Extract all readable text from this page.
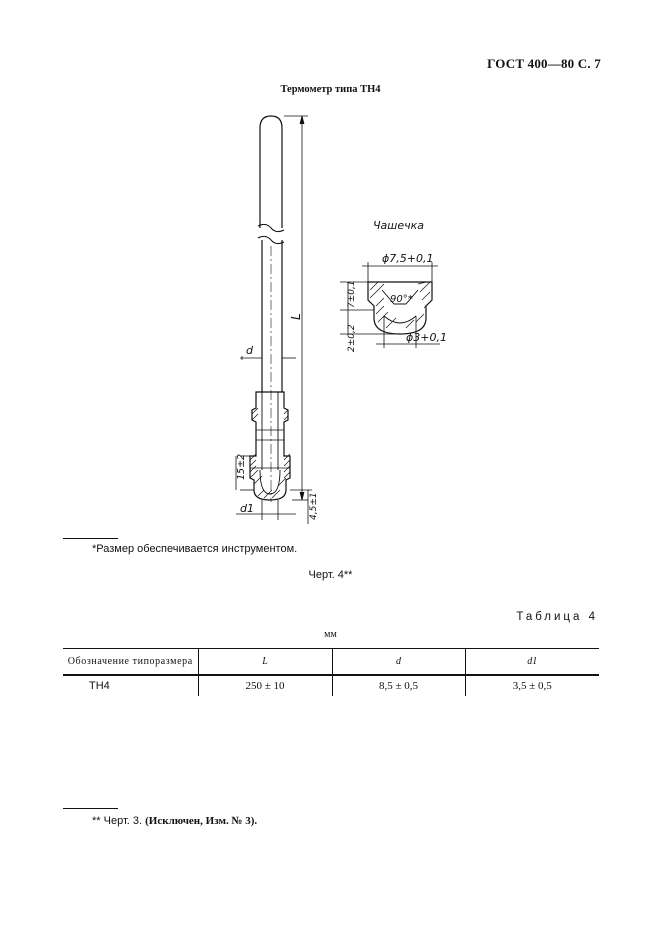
ГОСТ 400—80 С. 7
Термометр типа ТН4
L
d
15±2
d1	4,5±1
Чашечка
ϕ7,5+0,1
90°*
7±0,1
2±0,2	ϕ3+0,1
*Размер обеспечивается инструментом.
Черт. 4**
Таблица 4
мм
Обозначение типоразмера	L	d	d1
ТН4	250 ± 10	8,5 ± 0,5	3,5 ± 0,5
** Черт. 3. (Исключен, Изм. № 3).
